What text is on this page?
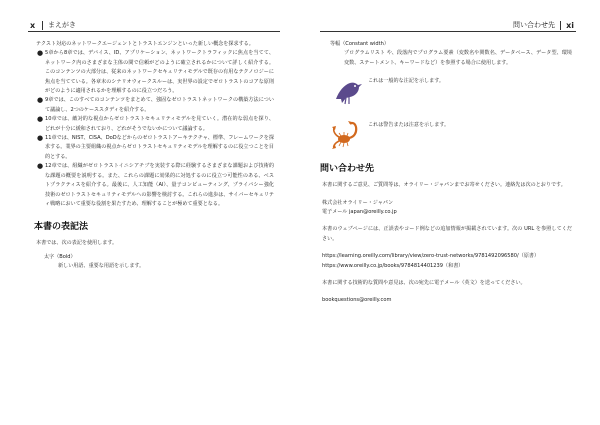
x まえがき

テクスト対応のネットワークエージェントとトラストエンジンといった新しい概念を探求する。

● 5章から8章では、デバイス、ID、アプリケーション、ネットワークトラフィックに焦点を当てて、ネットワーク内のさまざまな主体の間で信頼がどのように確立されるかについて詳しく紹介する。このコンテンツの大部分は、従来のネットワークセキュリティモデルで既存の有用なテクノロジーに焦点を当てている。各章末のシナリオウォークスルーは、実世界の設定でゼロトラストのコアな原則がどのように適用されるかを理解するのに役立つだろう。
● 9章では、このすべてのコンテンツをまとめて、強固なゼロトラストネットワークの構築方法について議論し、2つのケーススタディを紹介する。
● 10章では、敵対的な視点からゼロトラストセキュリティモデルを見ていく。潜在的な弱点を探り、どれが十分に緩和されており、どれがそうでないかについて議論する。
● 11章では、NIST、CISA、DoDなどからのゼロトラストアーキテクチャ、標準、フレームワークを探求する。業界の主要組織の視点からゼロトラストセキュリティモデルを理解するのに役立つことを目的とする。
● 12章では、組織がゼロトラストイニシアチブを実装する際に経験するさまざまな課題および技術的な課題の概要を説明する。また、これらの課題に効果的に対処するのに役立つ可能性のある、ベストプラクティスを紹介する。最後に、人工知能（AI）、量子コンピューティング、プライバシー強化技術のゼロトラストセキュリティモデルへの影響を検討する。これらの進歩は、サイバーセキュリティ戦略において重要な役割を果たすため、理解することが極めて重要となる。
本書の表記法

本書では、次の表記を使用します。

太字（Bold）
新しい用語、重要な用語を示します。
問い合わせ先 xi
等幅（Constant width）
プログラムリスト や、段落内でプログラム要素（変数名や関数名、データベース、データ型、環境変数、ステートメント、キーワードなど）を参照する場合に使用します。
これは一般的な注記を示します。
これは警告または注意を示します。
問い合わせ先

本書に関するご意見、ご質問等は、オライリー・ジャパンまでお寄せください。連絡先は次のとおりです。

株式会社オライリー・ジャパン
電子メール japan@oreilly.co.jp

本書のウェブページには、正誤表やコード例などの追加情報が掲載されています。次の URL を参照してください。

https://learning.oreilly.com/library/view/zero-trust-networks/9781492096580/（原書）
https://www.oreilly.co.jp/books/9784814401239（和書）

本書に関する技術的な質問や意見は、次の宛先に電子メール（英文）を送ってください。

bookquestions@oreilly.com
